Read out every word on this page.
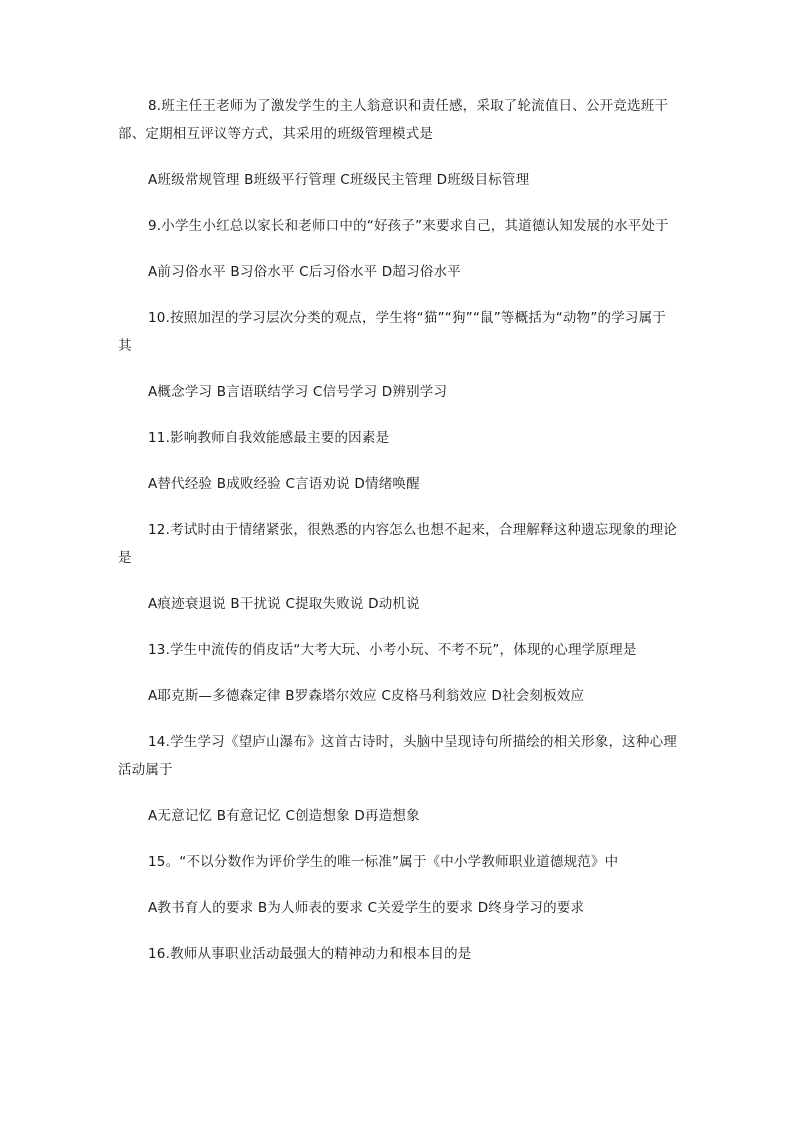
8.班主任王老师为了激发学生的主人翁意识和责任感，采取了轮流值日、公开竞选班干部、定期相互评议等方式，其采用的班级管理模式是

A班级常规管理 B班级平行管理 C班级民主管理 D班级目标管理

9.小学生小红总以家长和老师口中的“好孩子”来要求自己，其道德认知发展的水平处于

A前习俗水平 B习俗水平 C后习俗水平 D超习俗水平

10.按照加涅的学习层次分类的观点，学生将“猫”“狗”“鼠”等概括为“动物”的学习属于其

A概念学习 B言语联结学习 C信号学习 D辨别学习

11.影响教师自我效能感最主要的因素是

A替代经验 B成败经验 C言语劝说 D情绪唤醒

12.考试时由于情绪紧张，很熟悉的内容怎么也想不起来，合理解释这种遗忘现象的理论是

A痕迹衰退说 B干扰说 C提取失败说 D动机说

13.学生中流传的俏皮话“大考大玩、小考小玩、不考不玩”，体现的心理学原理是

A耶克斯—多德森定律 B罗森塔尔效应 C皮格马利翁效应 D社会刻板效应

14.学生学习《望庐山瀑布》这首古诗时，头脑中呈现诗句所描绘的相关形象，这种心理活动属于

A无意记忆 B有意记忆 C创造想象 D再造想象

15。“不以分数作为评价学生的唯一标准”属于《中小学教师职业道德规范》中

A教书育人的要求 B为人师表的要求 C关爱学生的要求 D终身学习的要求

16.教师从事职业活动最强大的精神动力和根本目的是
